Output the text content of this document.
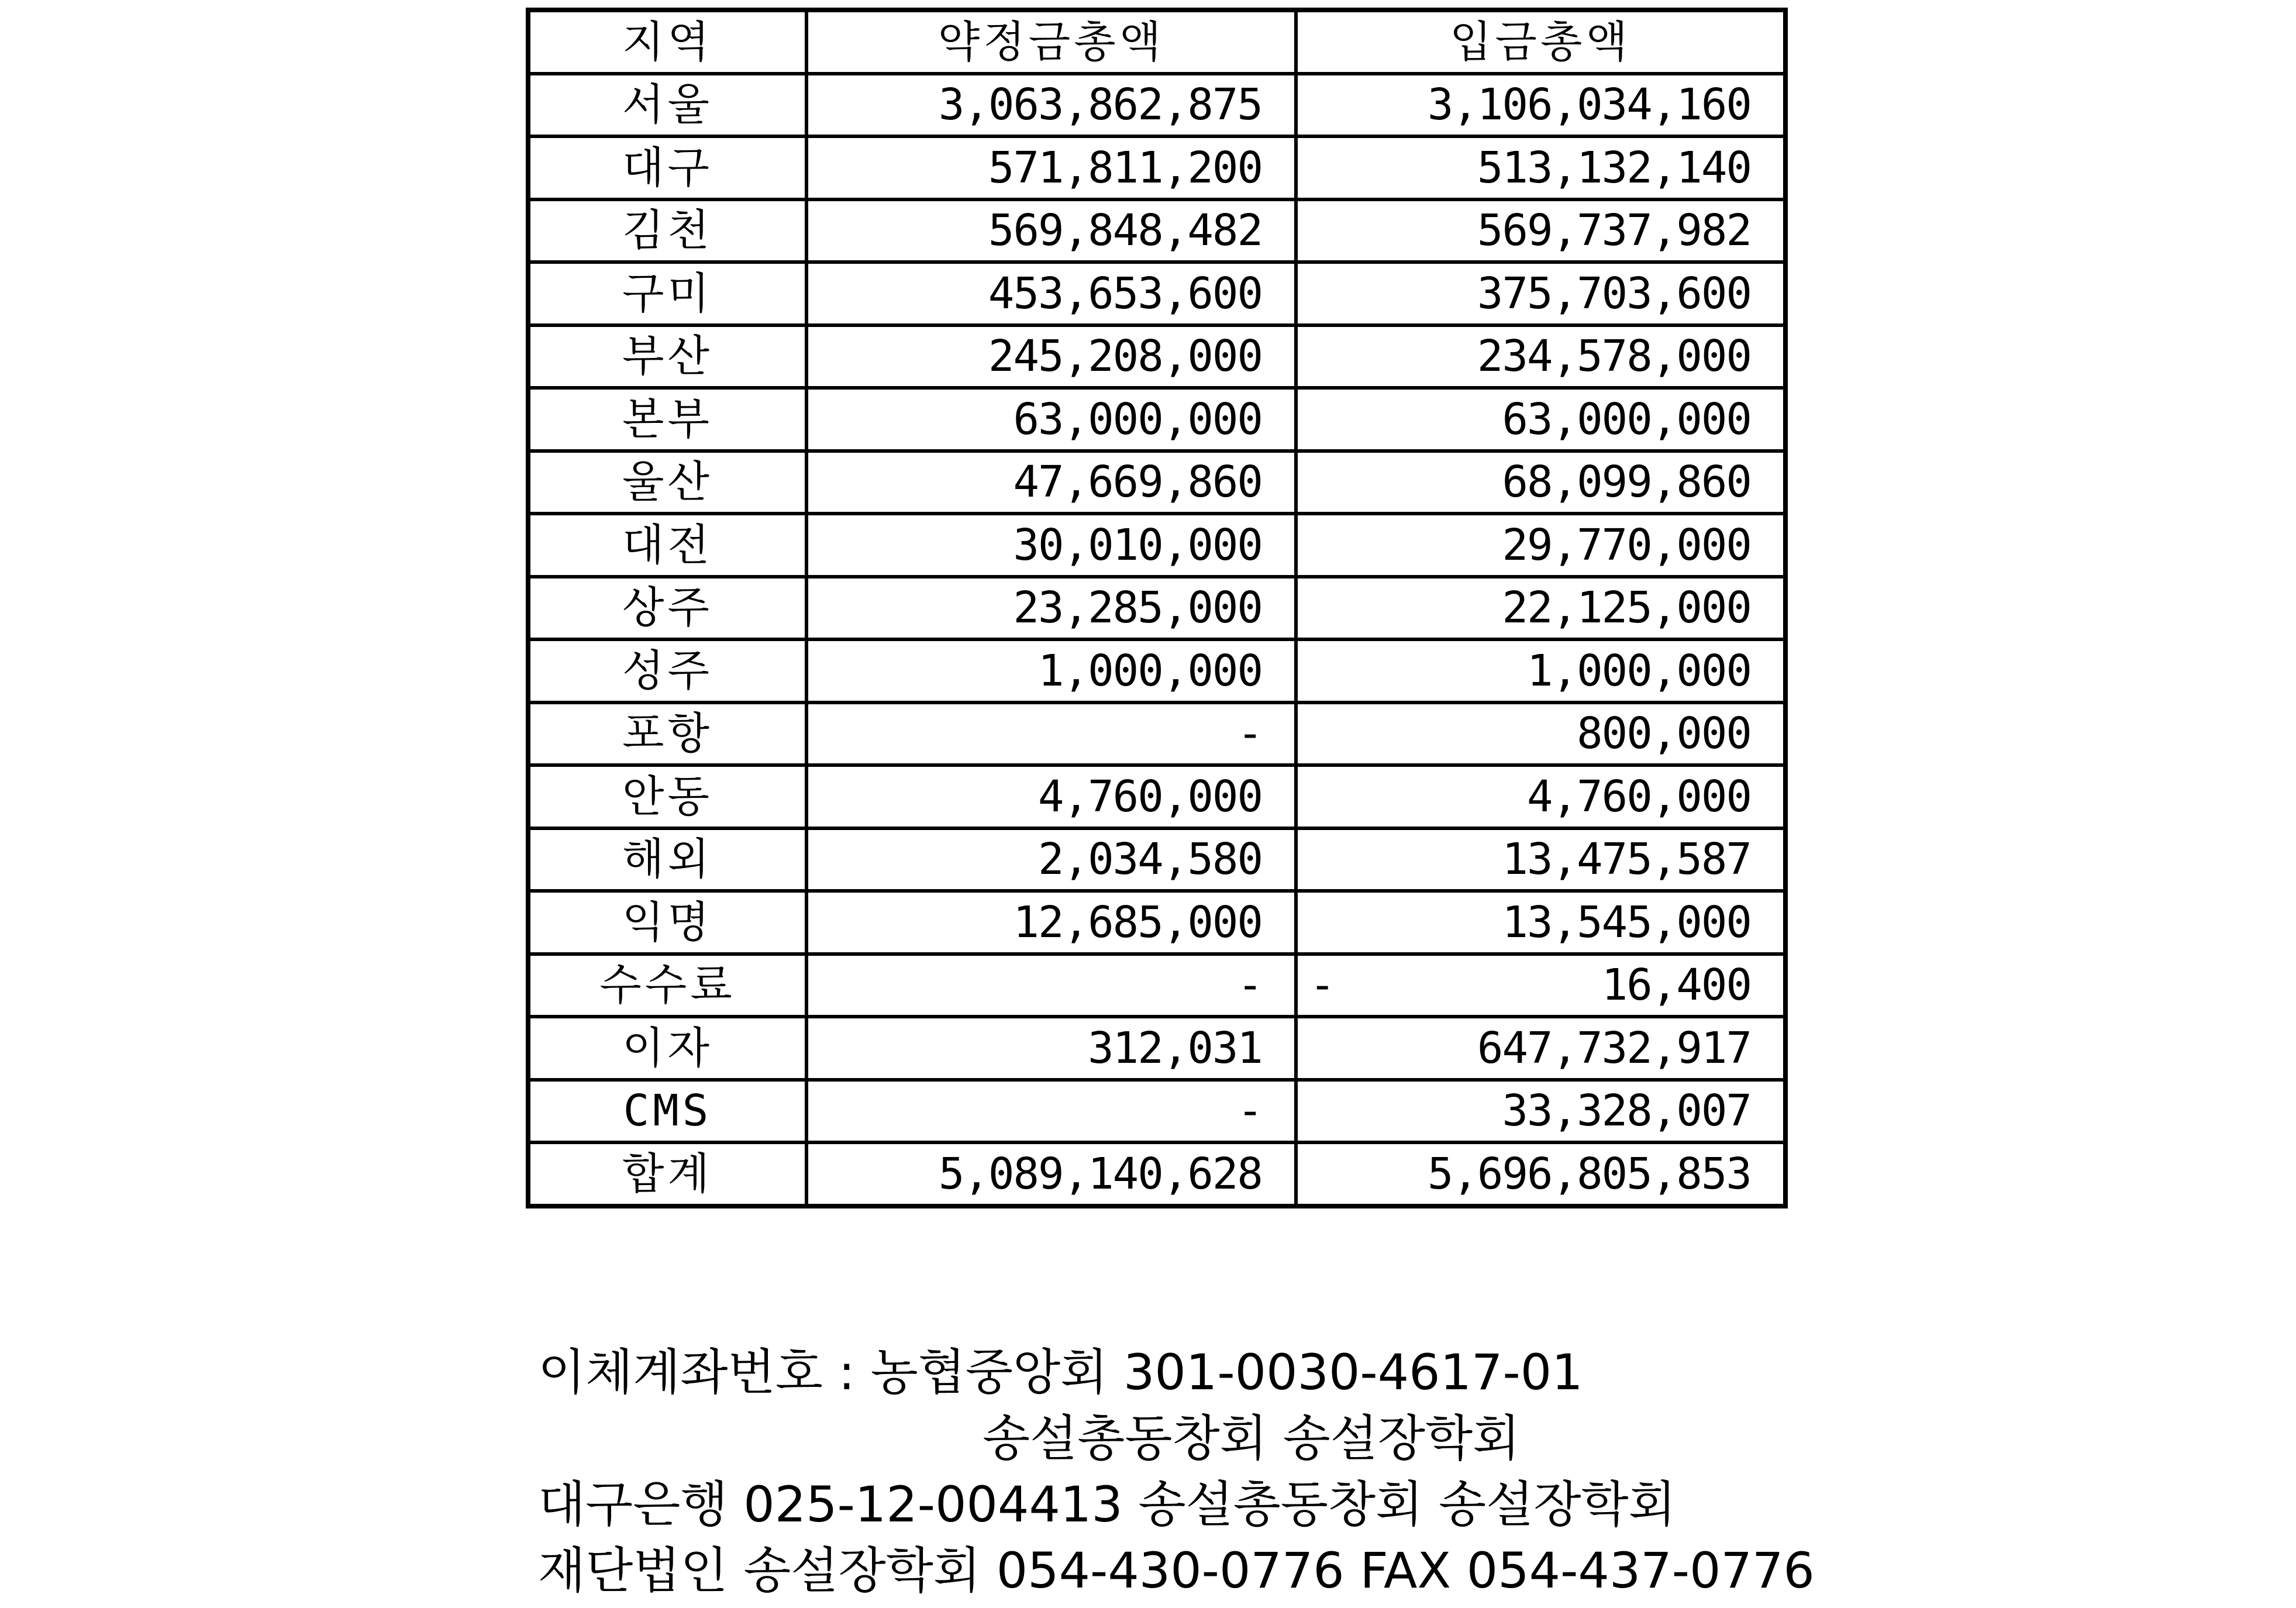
지역	약정금총액	입금총액
서울	3,063,862,875	3,106,034,160
대구	571,811,200	513,132,140
김천	569,848,482	569,737,982
구미	453,653,600	375,703,600
부산	245,208,000	234,578,000
본부	63,000,000	63,000,000
울산	47,669,860	68,099,860
대전	30,010,000	29,770,000
상주	23,285,000	22,125,000
성주	1,000,000	1,000,000
포항	-	800,000
안동	4,760,000	4,760,000
해외	2,034,580	13,475,587
익명	12,685,000	13,545,000
수수료	-	- 16,400

이자	312,031	647,732,917
CMS	-	33,328,007
합계	5,089,140,628	5,696,805,853
이체계좌번호 : 농협중앙회 301-0030-4617-01
송설총동창회 송설장학회
대구은행 025-12-004413 송설총동창회 송설장학회
재단법인 송설장학회 054-430-0776 FAX 054-437-0776
